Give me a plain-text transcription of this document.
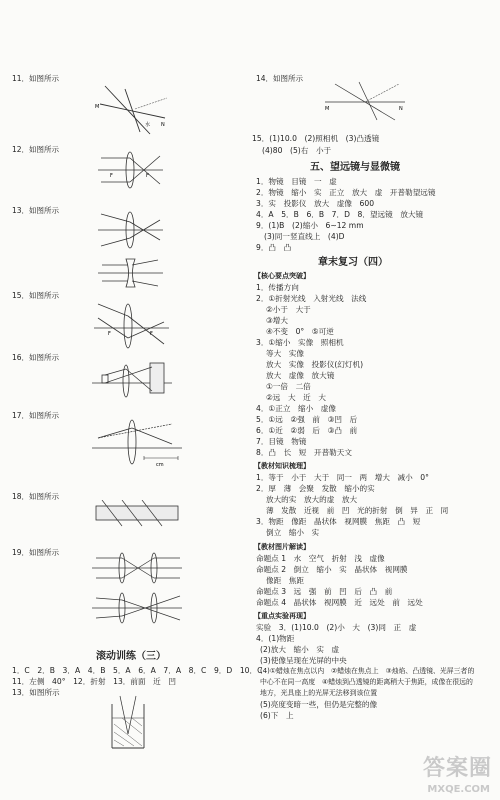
11．如图所示
M
N
水
12．如图所示
F	F
13．如图所示
15．如图所示
F	F
16．如图所示
17．如图所示
cm
18．如图所示
19．如图所示
滚动训练（三）
1．C　2．B　3．A　4．B　5．A　6．A　7．A　8．C　9．D　10．C
11．左侧　40°　12．折射　13．前面　近　凹
13．如图所示
14．如图所示
M	N
15．(1)10.0　(2)照相机　(3)凸透镜
(4)80　(5)右　小于
五、望远镜与显微镜
1．物镜　目镜　一　虚
2．物镜　缩小　实　正立　放大　虚　开普勒望远镜
3．实　投影仪　放大　虚像　600
4．A　5．B　6．B　7．D　8．望远镜　放大镜
9．(1)B　(2)缩小　6~12 mm
(3)同一竖直线上　(4)D
9．凸　凸
章末复习（四）
【核心要点突破】
1．传播方向
2．①折射光线　入射光线　法线
②小于　大于
③增大
④不变　0°　⑤可逆
3．①缩小　实像　照相机
等大　实像
放大　实像　投影仪(幻灯机)
放大　虚像　放大镜
①一倍　二倍
②远　大　近　大
4．①正立　缩小　虚像
5．①远　②强　前　③凹　后
6．①近　②弱　后　③凸　前
7．目镜　物镜
8．凸　长　短　开普勒天文
【教材知识梳理】
1．等于　小于　大于　同一　两　增大　减小　0°
2．厚　薄　会聚　发散　缩小的实
放大的实　放大的虚　放大
薄　发散　近视　前　凹　光的折射　倒　异　正　同
3．物距　像距　晶状体　视网膜　焦距　凸　短
倒立　缩小　实
【教材图片解读】
命题点 1　水　空气　折射　浅　虚像
命题点 2　倒立　缩小　实　晶状体　视网膜
像距　焦距
命题点 3　远　强　前　凹　后　凸　前
命题点 4　晶状体　视网膜　近　远处　前　远处
【重点实验再现】
实验　3．(1)10.0　(2)小　大　(3)同　正　虚
4．(1)物距
(2)放大　缩小　实　虚
(3)使像呈现在光屏的中央
(4)①蜡烛在焦点以内　②蜡烛在焦点上　③烛焰、凸透镜、光屏三者的
中心不在同一高度　④蜡烛到凸透镜的距离稍大于焦距，成像在很远的
地方，光具座上的光屏无法移到该位置
(5)亮度变暗一些，但仍是完整的像
(6)下　上
答案圈
MXQE.COM
